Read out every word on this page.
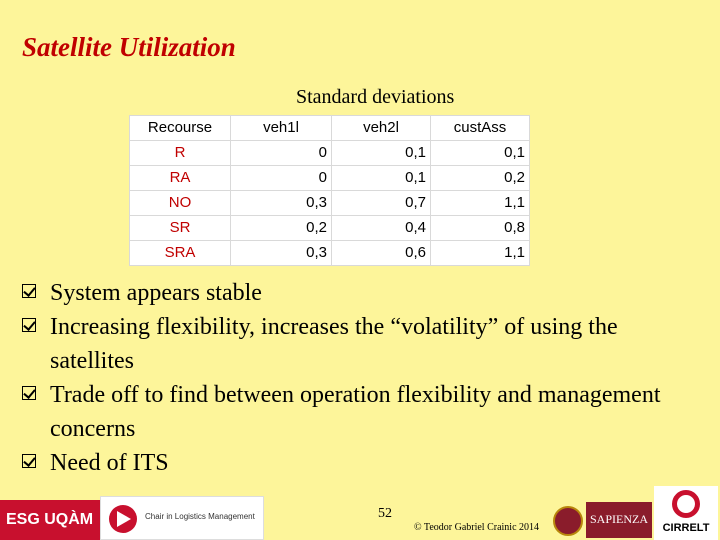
Satellite Utilization
Standard deviations
Recourse	veh1l	veh2l	custAss
R	0	0,1	0,1
RA	0	0,1	0,2
NO	0,3	0,7	1,1
SR	0,2	0,4	0,8
SRA	0,3	0,6	1,1
System appears stable
Increasing flexibility, increases the “volatility” of using the satellites
Trade off to find between operation flexibility and management concerns
Need of ITS
ESG UQÀM	Chair in Logistics Management	52
© Teodor Gabriel Crainic 2014
SAPIENZA
CIRRELT
